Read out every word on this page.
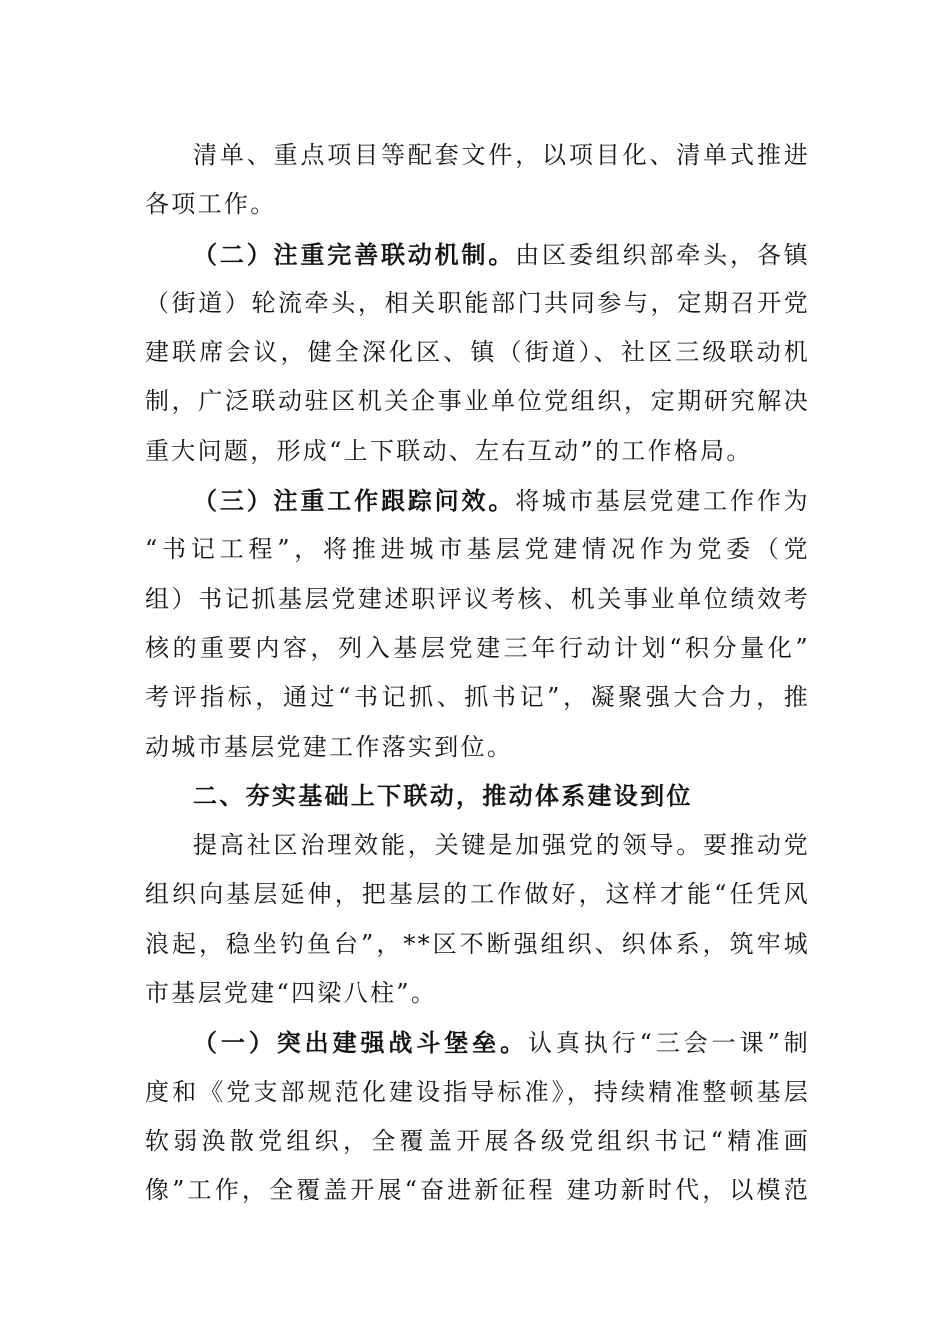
清单、重点项目等配套文件，以项目化、清单式推进
各项工作。
（二）注重完善联动机制。由区委组织部牵头，各镇
（街道）轮流牵头，相关职能部门共同参与，定期召开党
建联席会议，健全深化区、镇（街道）、社区三级联动机
制，广泛联动驻区机关企事业单位党组织，定期研究解决
重大问题，形成“上下联动、左右互动”的工作格局。
（三）注重工作跟踪问效。将城市基层党建工作作为
“书记工程”，将推进城市基层党建情况作为党委（党
组）书记抓基层党建述职评议考核、机关事业单位绩效考
核的重要内容，列入基层党建三年行动计划“积分量化”
考评指标，通过“书记抓、抓书记”，凝聚强大合力，推
动城市基层党建工作落实到位。
二、夯实基础上下联动，推动体系建设到位
提高社区治理效能，关键是加强党的领导。要推动党
组织向基层延伸，把基层的工作做好，这样才能“任凭风
浪起，稳坐钓鱼台”，**区不断强组织、织体系，筑牢城
市基层党建“四梁八柱”。
（一）突出建强战斗堡垒。认真执行“三会一课”制
度和《党支部规范化建设指导标准》，持续精准整顿基层
软弱涣散党组织，全覆盖开展各级党组织书记“精准画
像”工作，全覆盖开展“奋进新征程 建功新时代，以模范
